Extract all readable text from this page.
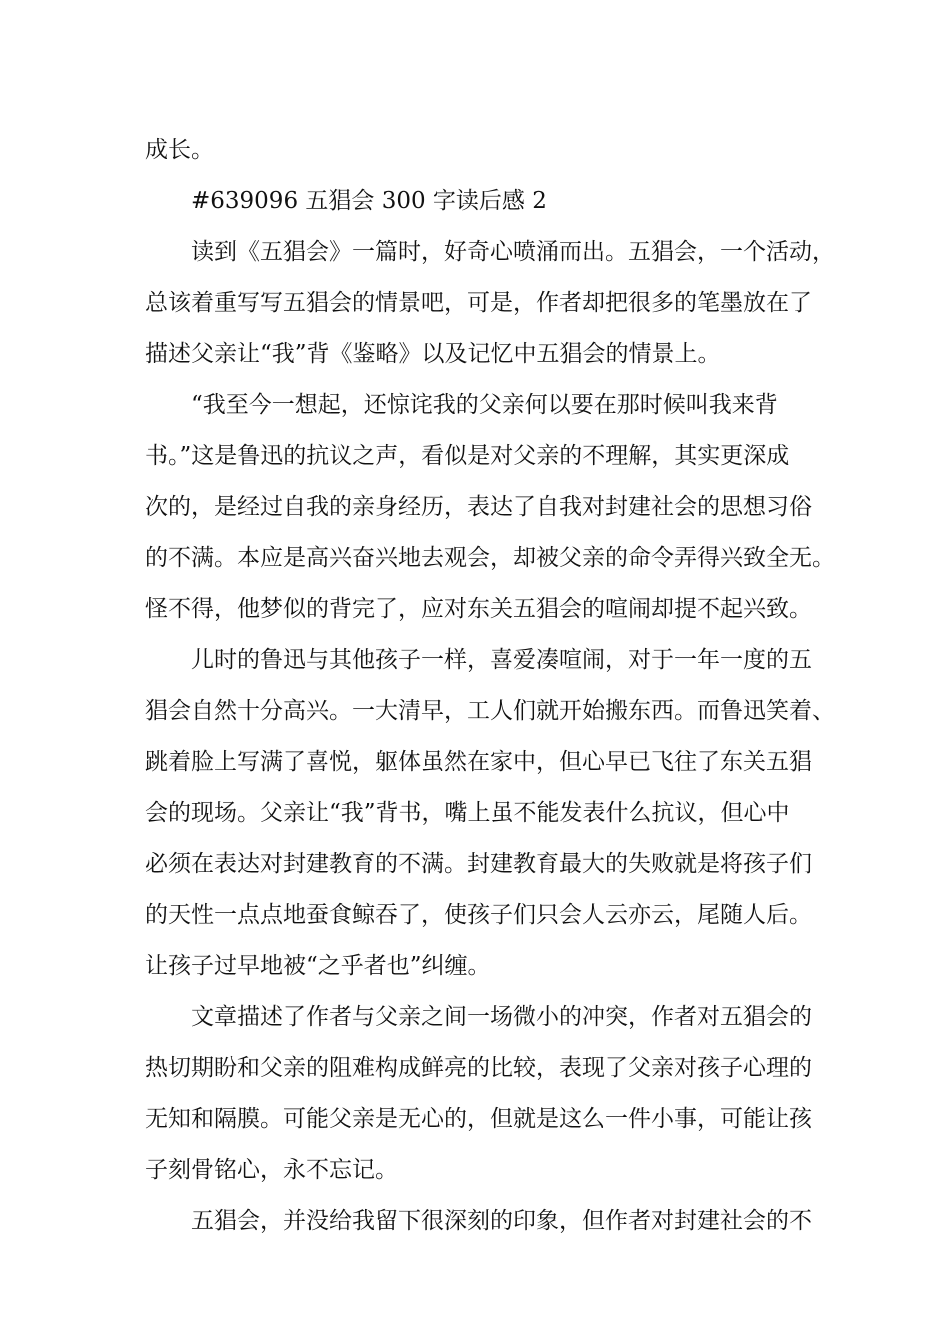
成长。

#639096 五猖会 300 字读后感 2

读到《五猖会》一篇时，好奇心喷涌而出。五猖会，一个活动，

总该着重写写五猖会的情景吧，可是，作者却把很多的笔墨放在了

描述父亲让“我”背《鉴略》以及记忆中五猖会的情景上。

“我至今一想起，还惊诧我的父亲何以要在那时候叫我来背

书。”这是鲁迅的抗议之声，看似是对父亲的不理解，其实更深成

次的，是经过自我的亲身经历，表达了自我对封建社会的思想习俗

的不满。本应是高兴奋兴地去观会，却被父亲的命令弄得兴致全无。

怪不得，他梦似的背完了，应对东关五猖会的喧闹却提不起兴致。

儿时的鲁迅与其他孩子一样，喜爱凑喧闹，对于一年一度的五

猖会自然十分高兴。一大清早，工人们就开始搬东西。而鲁迅笑着、

跳着脸上写满了喜悦，躯体虽然在家中，但心早已飞往了东关五猖

会的现场。父亲让“我”背书，嘴上虽不能发表什么抗议，但心中

必须在表达对封建教育的不满。封建教育最大的失败就是将孩子们

的天性一点点地蚕食鲸吞了，使孩子们只会人云亦云，尾随人后。

让孩子过早地被“之乎者也”纠缠。

文章描述了作者与父亲之间一场微小的冲突，作者对五猖会的

热切期盼和父亲的阻难构成鲜亮的比较，表现了父亲对孩子心理的

无知和隔膜。可能父亲是无心的，但就是这么一件小事，可能让孩

子刻骨铭心，永不忘记。

五猖会，并没给我留下很深刻的印象，但作者对封建社会的不
